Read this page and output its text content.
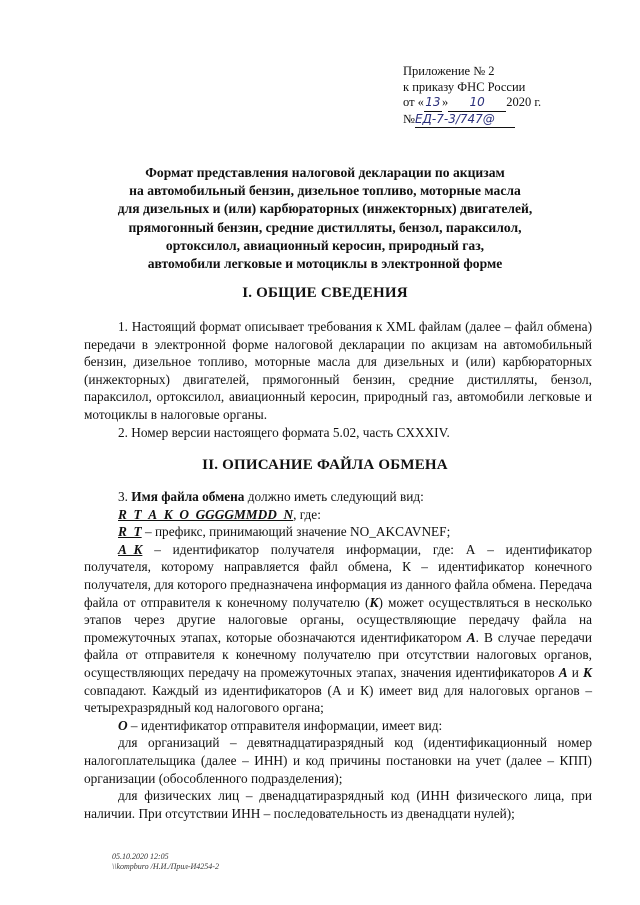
Приложение № 2
к приказу ФНС России
от «13» 10 2020 г.
№ЕД-7-3/747@
Формат представления налоговой декларации по акцизам
на автомобильный бензин, дизельное топливо, моторные масла
для дизельных и (или) карбюраторных (инжекторных) двигателей,
прямогонный бензин, средние дистилляты, бензол, параксилол,
ортоксилол, авиационный керосин, природный газ,
автомобили легковые и мотоциклы в электронной форме
I. ОБЩИЕ СВЕДЕНИЯ

1. Настоящий формат описывает требования к XML файлам (далее – файл обмена) передачи в электронной форме налоговой декларации по акцизам на автомобильный бензин, дизельное топливо, моторные масла для дизельных и (или) карбюраторных (инжекторных) двигателей, прямогонный бензин, средние дистилляты, бензол, параксилол, ортоксилол, авиационный керосин, природный газ, автомобили легковые и мотоциклы в налоговые органы.

2. Номер версии настоящего формата 5.02, часть CXXXIV.

II. ОПИСАНИЕ ФАЙЛА ОБМЕНА

3. Имя файла обмена должно иметь следующий вид:

R_T_A_K_O_GGGGMMDD_N, где:

R_T – префикс, принимающий значение NO_AKCAVNEF;

A_K – идентификатор получателя информации, где: А – идентификатор получателя, которому направляется файл обмена, К – идентификатор конечного получателя, для которого предназначена информация из данного файла обмена. Передача файла от отправителя к конечному получателю (К) может осуществляться в несколько этапов через другие налоговые органы, осуществляющие передачу файла на промежуточных этапах, которые обозначаются идентификатором А. В случае передачи файла от отправителя к конечному получателю при отсутствии налоговых органов, осуществляющих передачу на промежуточных этапах, значения идентификаторов А и К совпадают. Каждый из идентификаторов (А и К) имеет вид для налоговых органов – четырехразрядный код налогового органа;

O – идентификатор отправителя информации, имеет вид:

для организаций – девятнадцатиразрядный код (идентификационный номер налогоплательщика (далее – ИНН) и код причины постановки на учет (далее – КПП) организации (обособленного подразделения);

для физических лиц – двенадцатиразрядный код (ИНН физического лица, при наличии. При отсутствии ИНН – последовательность из двенадцати нулей);

05.10.2020 12:05
\\kompburo /Н.И./Прил-И4254-2
